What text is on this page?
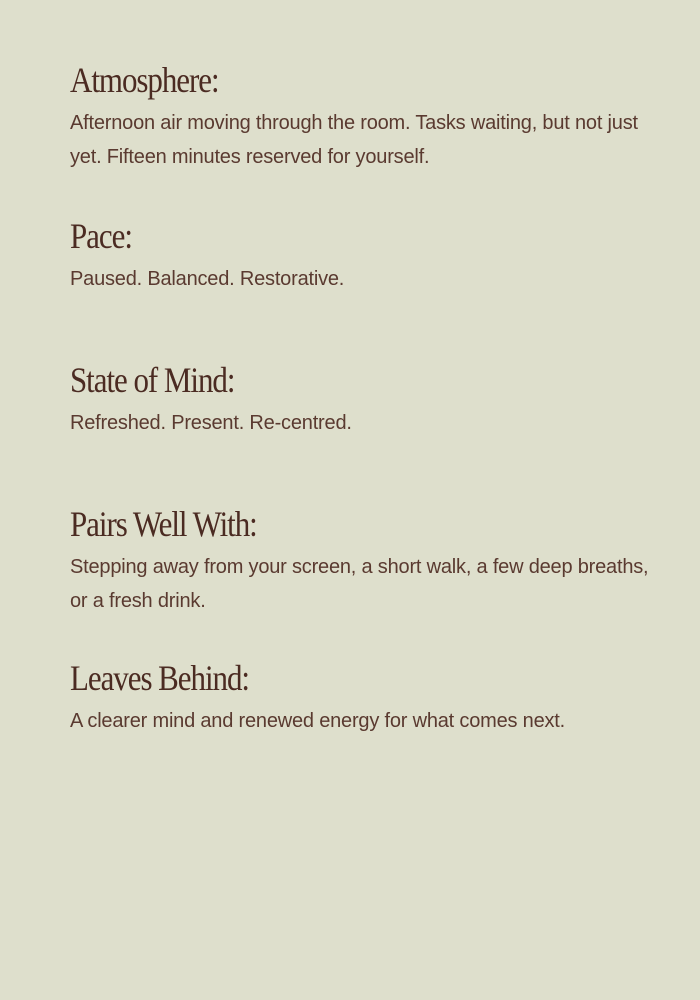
Atmosphere:

Afternoon air moving through the room. Tasks waiting, but not just yet. Fifteen minutes reserved for yourself.

Pace:

Paused. Balanced. Restorative.

State of Mind:

Refreshed. Present. Re-centred.

Pairs Well With:

Stepping away from your screen, a short walk, a few deep breaths, or a fresh drink.

Leaves Behind:

A clearer mind and renewed energy for what comes next.
